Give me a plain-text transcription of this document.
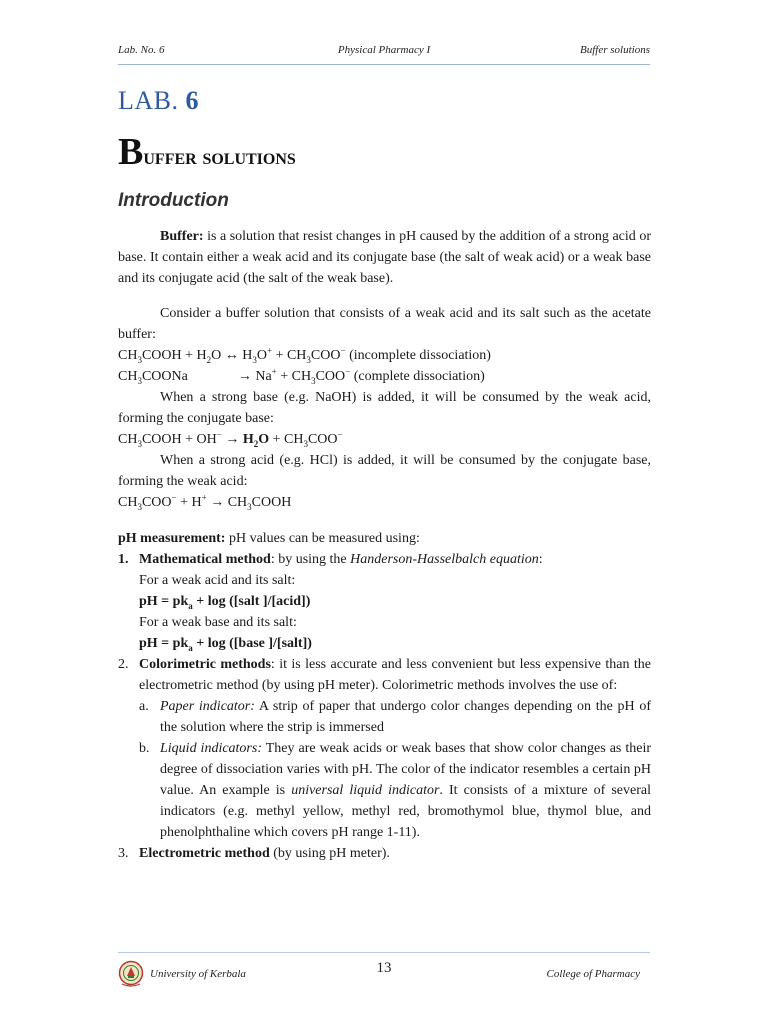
Lab. No. 6	Physical Pharmacy I	Buffer solutions
LAB. 6
Buffer solutions
Introduction
Buffer: is a solution that resist changes in pH caused by the addition of a strong acid or base. It contain either a weak acid and its conjugate base (the salt of weak acid) or a weak base and its conjugate acid (the salt of the weak base).
Consider a buffer solution that consists of a weak acid and its salt such as the acetate buffer:
$CH_3COOH + H_2O$ ↔ $H_3O^+ + CH_3COO^-$ (incomplete dissociation)
$CH_3COONa$	→ $Na^+ + CH_3COO^-$ (complete dissociation)
When a strong base (e.g. NaOH) is added, it will be consumed by the weak acid, forming the conjugate base:
$CH_3COOH + OH^- \to H_2O + CH_3COO^-$
When a strong acid (e.g. HCl) is added, it will be consumed by the conjugate base, forming the weak acid:
$CH_3COO^- + H^+$ → $CH_3COOH$
pH measurement: pH values can be measured using:
1. Mathematical method: by using the Handerson-Hasselbalch equation:
For a weak acid and its salt:
pH = $pk_a + \log$ ([salt ]/[acid])
For a weak base and its salt:
pH = $pk_a + \log$ ([base ]/[salt])
2. Colorimetric methods: it is less accurate and less convenient but less expensive than the electrometric method (by using pH meter). Colorimetric methods involves the use of:
a. Paper indicator: A strip of paper that undergo color changes depending on the pH of the solution where the strip is immersed
b. Liquid indicators: They are weak acids or weak bases that show color changes as their degree of dissociation varies with pH. The color of the indicator resembles a certain pH value. An example is universal liquid indicator. It consists of a mixture of several indicators (e.g. methyl yellow, methyl red, bromothymol blue, thymol blue, and phenolphthaline which covers pH range 1-11).
3. Electrometric method (by using pH meter).
University of Kerbala	13	College of Pharmacy
